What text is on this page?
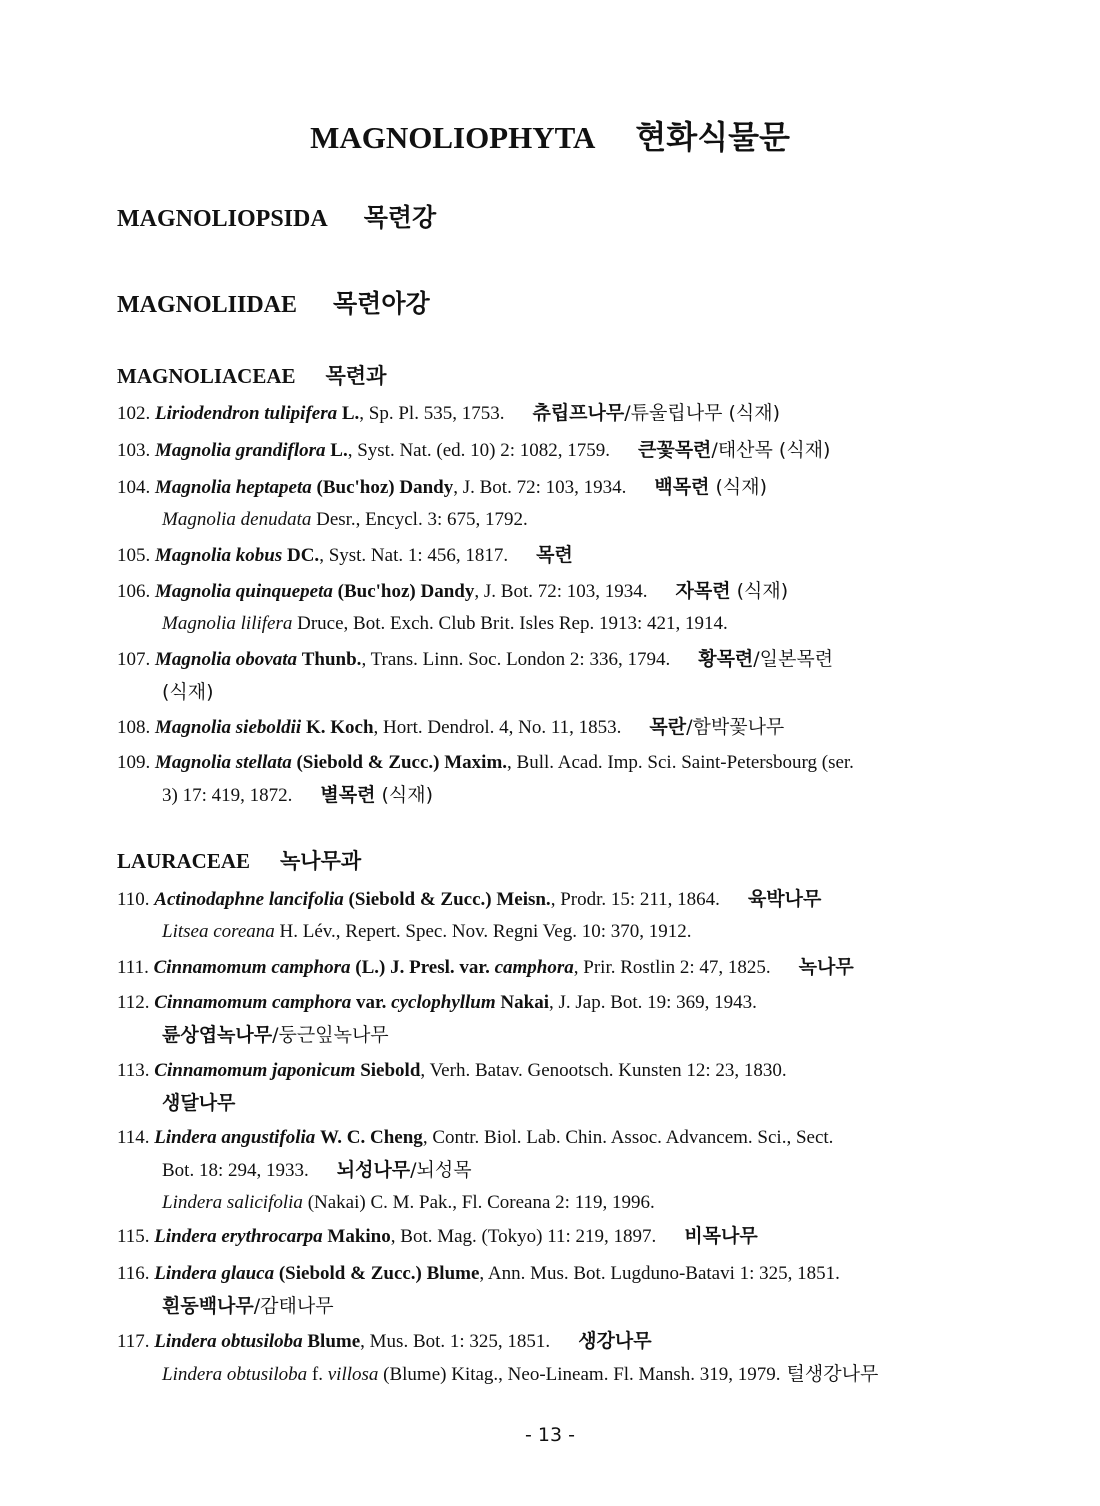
MAGNOLIOPHYTA 현화식물문
MAGNOLIOPSIDA 목련강
MAGNOLIIDAE 목련아강
MAGNOLIACEAE 목련과
102. Liriodendron tulipifera L., Sp. Pl. 535, 1753. 츄립프나무/튜울립나무 (식재)
103. Magnolia grandiflora L., Syst. Nat. (ed. 10) 2: 1082, 1759. 큰꽃목련/태산목 (식재)
104. Magnolia heptapeta (Buc'hoz) Dandy, J. Bot. 72: 103, 1934. 백목련 (식재)
Magnolia denudata Desr., Encycl. 3: 675, 1792.
105. Magnolia kobus DC., Syst. Nat. 1: 456, 1817. 목련
106. Magnolia quinquepeta (Buc'hoz) Dandy, J. Bot. 72: 103, 1934. 자목련 (식재)
Magnolia lilifera Druce, Bot. Exch. Club Brit. Isles Rep. 1913: 421, 1914.
107. Magnolia obovata Thunb., Trans. Linn. Soc. London 2: 336, 1794. 황목련/일본목련
(식재)
108. Magnolia sieboldii K. Koch, Hort. Dendrol. 4, No. 11, 1853. 목란/함박꽃나무
109. Magnolia stellata (Siebold & Zucc.) Maxim., Bull. Acad. Imp. Sci. Saint-Petersbourg (ser.
3) 17: 419, 1872. 별목련 (식재)
LAURACEAE 녹나무과
110. Actinodaphne lancifolia (Siebold & Zucc.) Meisn., Prodr. 15: 211, 1864. 육박나무
Litsea coreana H. Lév., Repert. Spec. Nov. Regni Veg. 10: 370, 1912.
111. Cinnamomum camphora (L.) J. Presl. var. camphora, Prir. Rostlin 2: 47, 1825. 녹나무
112. Cinnamomum camphora var. cyclophyllum Nakai, J. Jap. Bot. 19: 369, 1943.
륜상엽녹나무/둥근잎녹나무
113. Cinnamomum japonicum Siebold, Verh. Batav. Genootsch. Kunsten 12: 23, 1830.
생달나무
114. Lindera angustifolia W. C. Cheng, Contr. Biol. Lab. Chin. Assoc. Advancem. Sci., Sect.
Bot. 18: 294, 1933. 뇌성나무/뇌성목
Lindera salicifolia (Nakai) C. M. Pak., Fl. Coreana 2: 119, 1996.
115. Lindera erythrocarpa Makino, Bot. Mag. (Tokyo) 11: 219, 1897. 비목나무
116. Lindera glauca (Siebold & Zucc.) Blume, Ann. Mus. Bot. Lugduno-Batavi 1: 325, 1851.
흰동백나무/감태나무
117. Lindera obtusiloba Blume, Mus. Bot. 1: 325, 1851. 생강나무
Lindera obtusiloba f. villosa (Blume) Kitag., Neo-Lineam. Fl. Mansh. 319, 1979. 털생강나무
- 13 -
